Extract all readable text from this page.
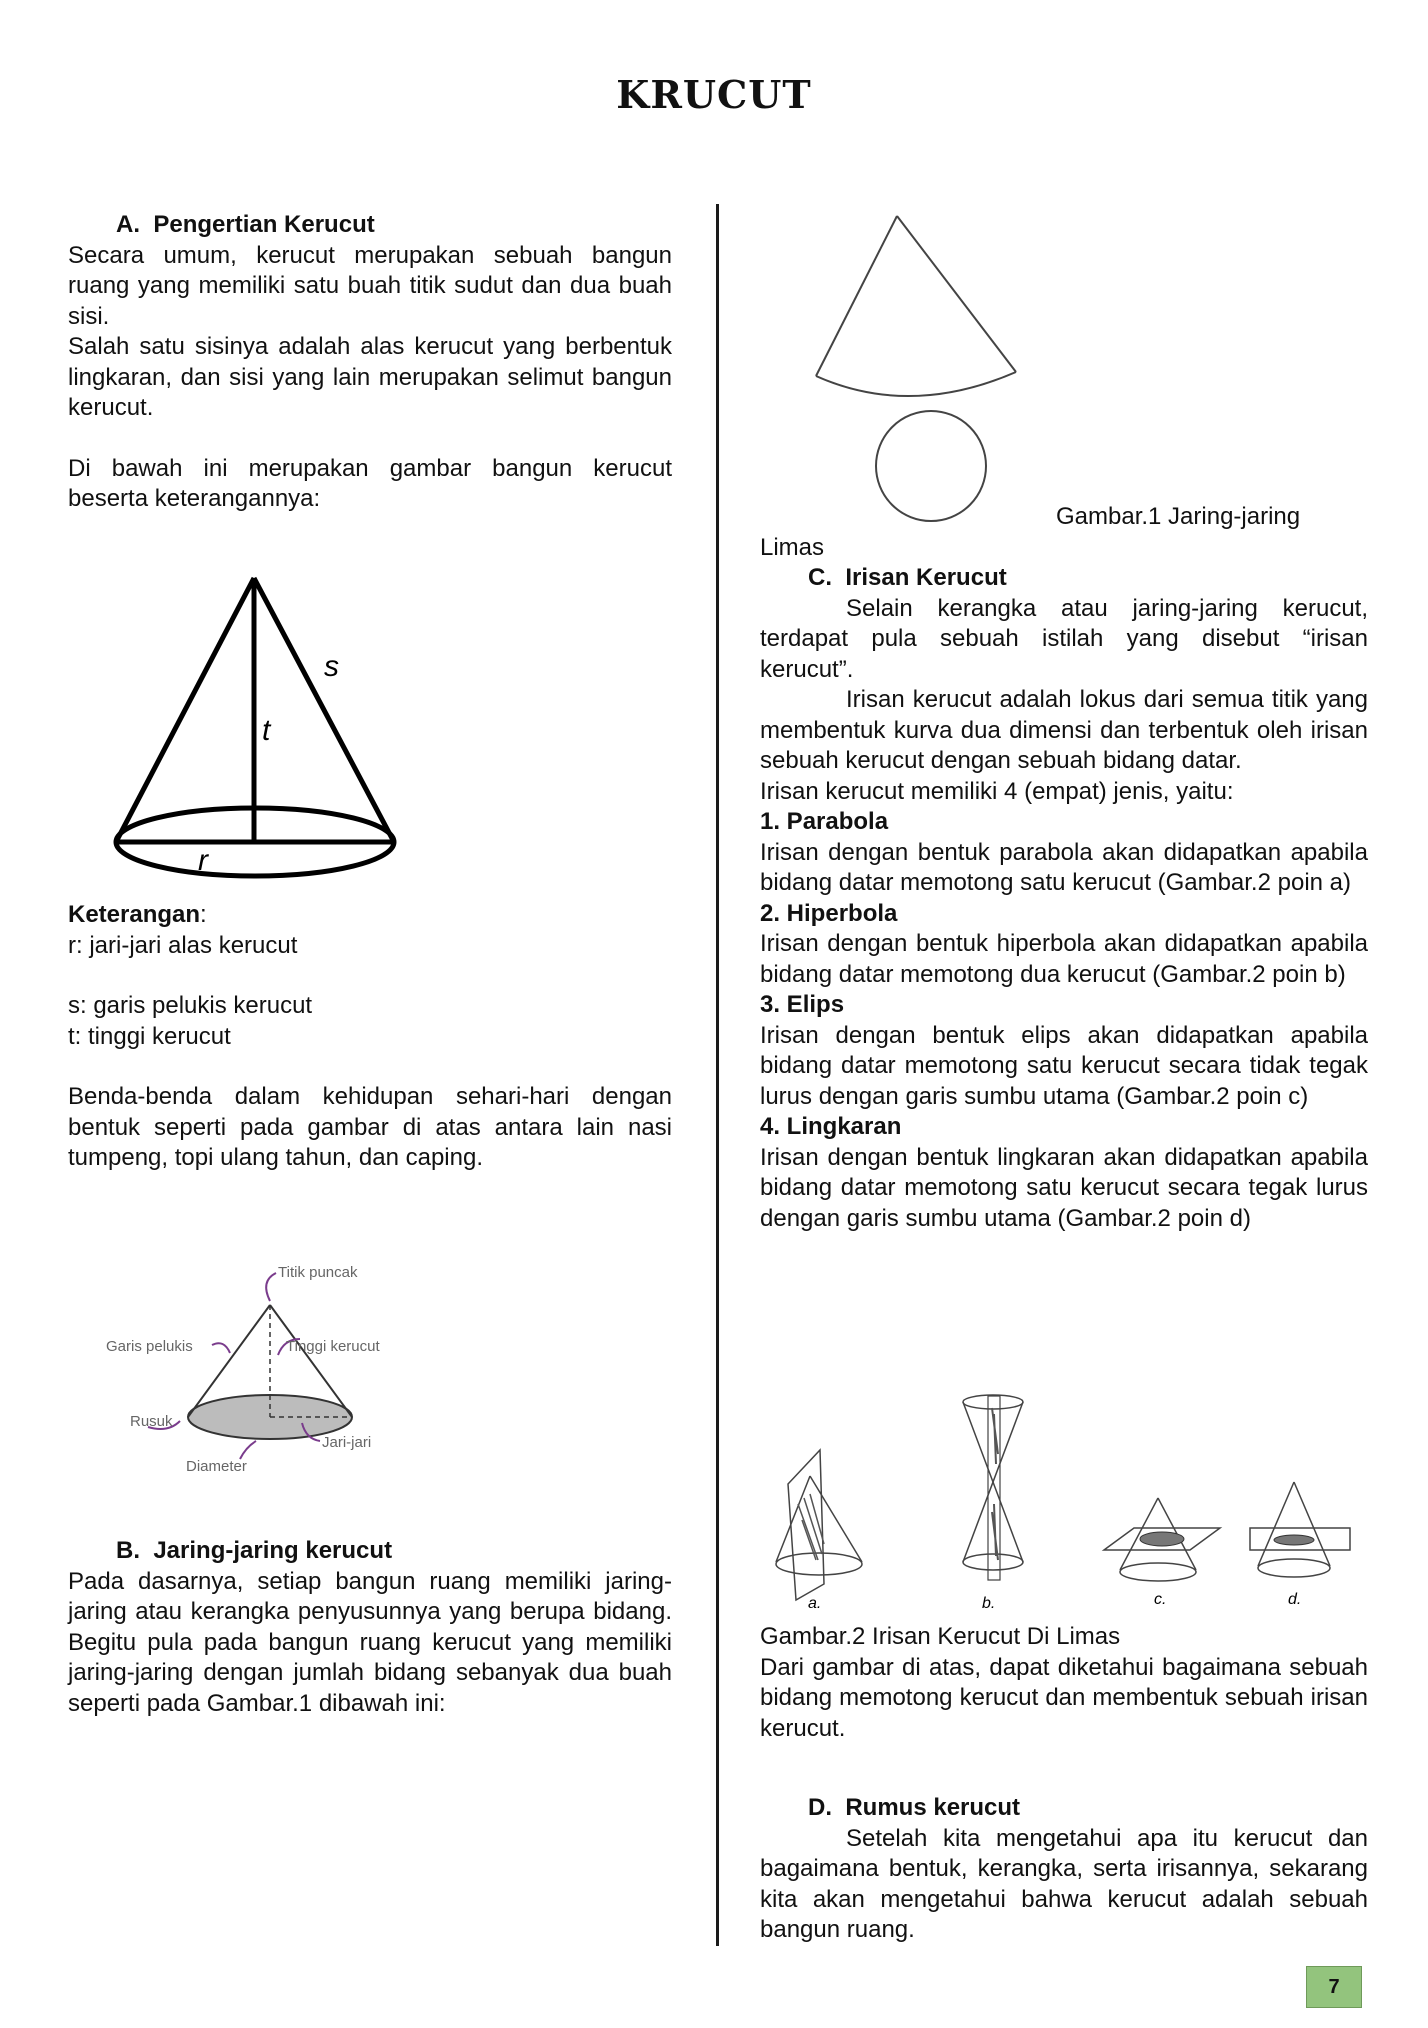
KRUCUT
A.  Pengertian Kerucut

Secara umum, kerucut merupakan sebuah bangun ruang yang memiliki satu buah titik sudut dan dua buah sisi.

Salah satu sisinya adalah alas kerucut yang berbentuk lingkaran, dan sisi yang lain merupakan selimut bangun kerucut.

Di bawah ini merupakan gambar bangun kerucut beserta keterangannya:

s
t
r
Keterangan:
r: jari-jari alas kerucut
s: garis pelukis kerucut
t: tinggi kerucut

Benda-benda dalam kehidupan sehari-hari dengan bentuk seperti pada gambar di atas antara lain nasi tumpeng, topi ulang tahun, dan caping.

Titik puncak
Garis pelukis	Tinggi kerucut
Rusuk
Jari-jari
Diameter
B.  Jaring-jaring kerucut

Pada dasarnya, setiap bangun ruang memiliki jaring-jaring atau kerangka penyusunnya yang berupa bidang. Begitu pula pada bangun ruang kerucut yang memiliki jaring-jaring dengan jumlah bidang sebanyak dua buah seperti pada Gambar.1 dibawah ini:

Gambar.1 Jaring-jaring
Limas
C.  Irisan Kerucut

Selain kerangka atau jaring-jaring kerucut, terdapat pula sebuah istilah yang disebut “irisan kerucut”.

Irisan kerucut adalah lokus dari semua titik yang membentuk kurva dua dimensi dan terbentuk oleh irisan sebuah kerucut dengan sebuah bidang datar.

Irisan kerucut memiliki 4 (empat) jenis, yaitu:

1. Parabola

Irisan dengan bentuk parabola akan didapatkan apabila bidang datar memotong satu kerucut (Gambar.2 poin a)

2. Hiperbola

Irisan dengan bentuk hiperbola akan didapatkan apabila bidang datar memotong dua kerucut (Gambar.2 poin b)

3. Elips

Irisan dengan bentuk elips akan didapatkan apabila bidang datar memotong satu kerucut secara tidak tegak lurus dengan garis sumbu utama (Gambar.2 poin c)

4. Lingkaran

Irisan dengan bentuk lingkaran akan didapatkan apabila bidang datar memotong satu kerucut secara tegak lurus dengan garis sumbu utama (Gambar.2 poin d)

a.	b.	c.	d.
Gambar.2 Irisan Kerucut Di Limas

Dari gambar di atas, dapat diketahui bagaimana sebuah bidang memotong kerucut dan membentuk sebuah irisan kerucut.

D.  Rumus kerucut

Setelah kita mengetahui apa itu kerucut dan bagaimana bentuk, kerangka, serta irisannya, sekarang kita akan mengetahui bahwa kerucut adalah sebuah bangun ruang.

7
